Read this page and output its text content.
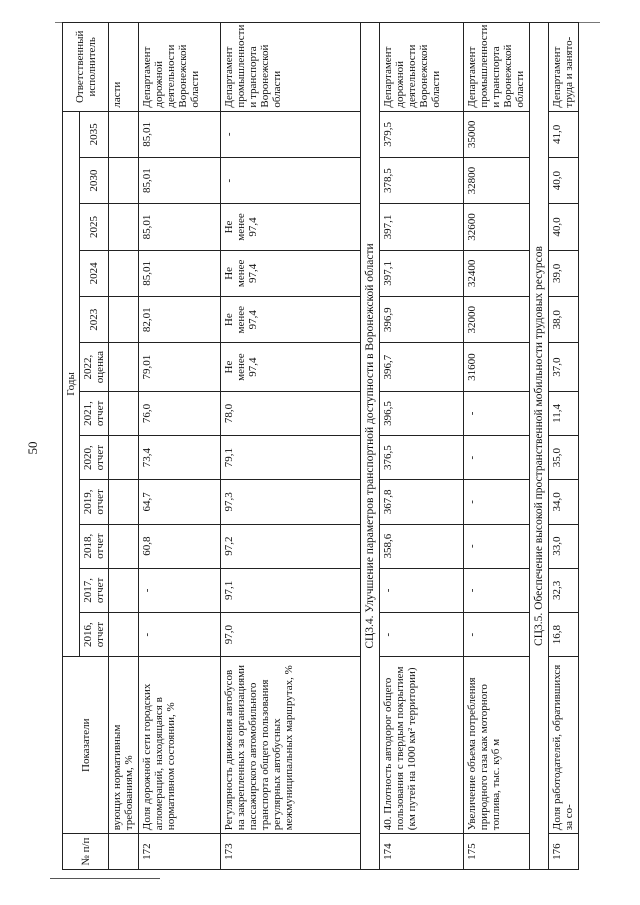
50
№ п/п	Показатели	Годы												Ответственный исполнитель
		2016, отчет	2017, отчет	2018, отчет	2019, отчет	2020, отчет	2021, отчет	2022, оценка	2023	2024	2025	2030	2035	
	вующих нормативным требованиям, %													ласти
172	Доля дорожной сети городских агломераций, находящаяся в нормативном состоянии, %	-	-	60,8	64,7	73,4	76,0	79,01	82,01	85,01	85,01	85,01	85,01	Департамент дорожной деятельности Воронежской области
173	Регулярность движения автобусов на закрепленных за организациями пассажирского автомобильного транспорта общего пользования регулярных автобусных межмуниципальных маршрутах, %	97,0	97,1	97,2	97,3	79,1	78,0	Не менее 97,4	Не менее 97,4	Не менее 97,4	Не менее 97,4	-	-	Департамент промышленности и транспорта Воронежской области
СЦ3.4. Улучшение параметров транспортной доступности в Воронежской области														
174	40. Плотность автодорог общего пользования с твердым покрытием (км путей на 1000 км² территории)	-	-	358,6	367,8	376,5	396,5	396,7	396,9	397,1	397,1	378,5	379,5	Департамент дорожной деятельности Воронежской области
175	Увеличение объема потребления природного газа как моторного топлива, тыс. куб м	-	-	-	-	-	-	31600	32000	32400	32600	32800	35000	Департамент промышленности и транспорта Воронежской области
СЦ3.5. Обеспечение высокой пространственной мобильности трудовых ресурсов														
176	Доля работодателей, обратившихся за со-	16,8	32,3	33,0	34,0	35,0	11,4	37,0	38,0	39,0	40,0	40,0	41,0	Департамент труда и занято-
